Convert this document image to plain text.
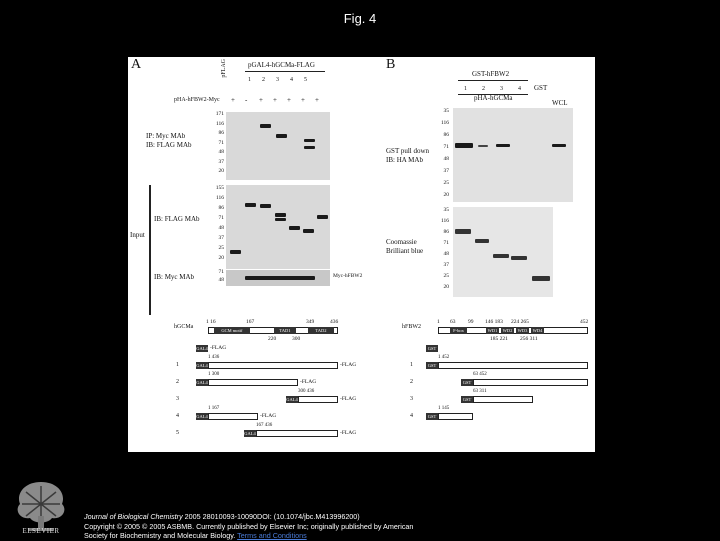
Fig. 4
A	pFLAG	pGAL4-hGCMa-FLAG
1 2 3 4 5
pHA-hFBW2-Myc + - + + + + +
171
116
86
71
48
37
20
IP: Myc MAb
IB: FLAG MAb
Input
155
116
86
71
48
37
25
20
IB: FLAG MAb
71
48
IB: Myc MAb	Myc-hFBW2
hGCMa
1 16	167	349	436
GCM motif	TAD1	TAD2
220	300
GAL4 -FLAG
1
1 436
GAL4	-FLAG
2
1 300
GAL4	-FLAG
3
300 436
GAL4	-FLAG
4
1 167
GAL4	-FLAG
5
167 436
GAL4	-FLAG
B
GST-hFBW2
GST
1	2	3	4
pHA-hGCMa
WCL
35
116
86
71
48
37
25
20
GST pull down
IB: HA MAb
35
116
86
71
48
37
25
20
Coomassie
Brilliant blue
hFBW2
1 63 99 146 183 224 265	452
F-box	WD1	WD2	WD3	WD4
185 221 256 311
GST
1
1 452
GST
2
63 452
GST
3
63 311
GST
4
1 145
GST
ELSEVIER
Journal of Biological Chemistry 2005 28010093-10090DOI: (10.1074/jbc.M413996200)
Copyright © 2005 © 2005 ASBMB. Currently published by Elsevier Inc; originally published by American
Society for Biochemistry and Molecular Biology. Terms and Conditions
